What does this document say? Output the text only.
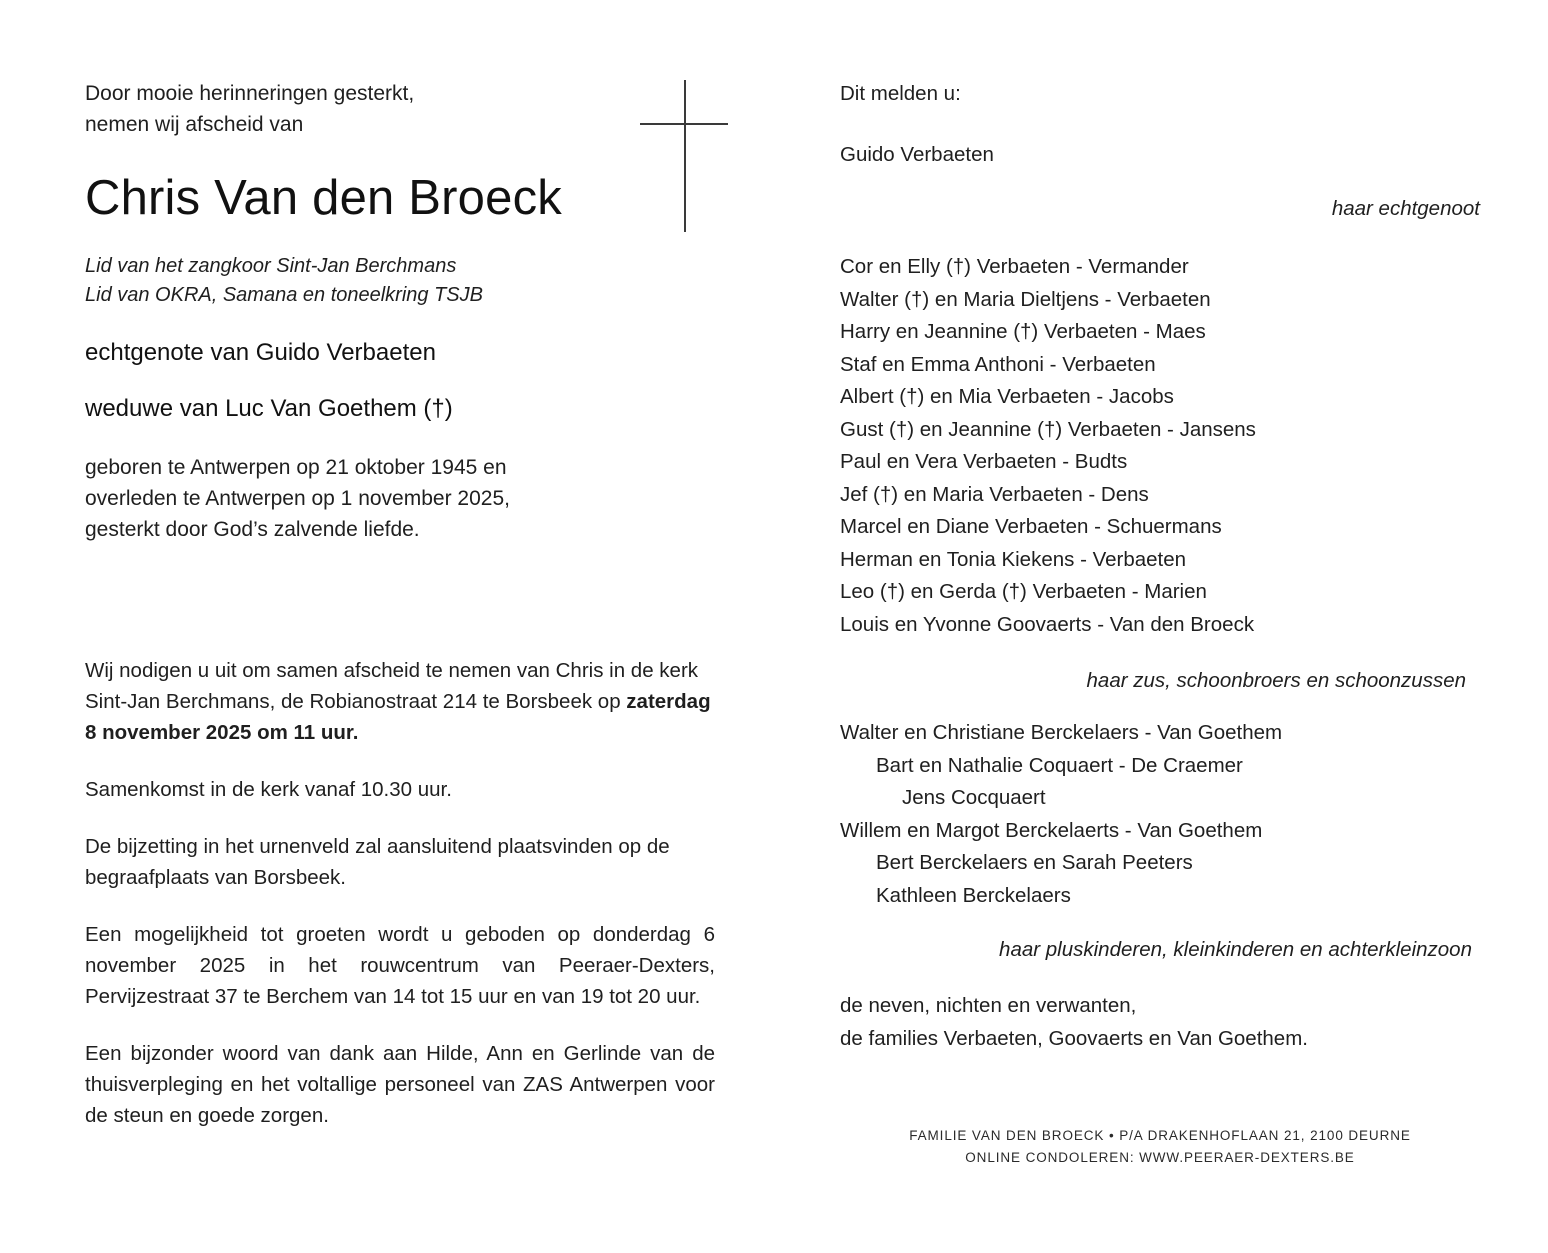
Door mooie herinneringen gesterkt,
nemen wij afscheid van
Chris Van den Broeck
Lid van het zangkoor Sint-Jan Berchmans
Lid van OKRA, Samana en toneelkring TSJB
echtgenote van Guido Verbaeten
weduwe van Luc Van Goethem (†)
geboren te Antwerpen op 21 oktober 1945 en
overleden te Antwerpen op 1 november 2025,
gesterkt door God’s zalvende liefde.

Wij nodigen u uit om samen afscheid te nemen van Chris in de kerk Sint-Jan Berchmans, de Robianostraat 214 te Borsbeek op zaterdag 8 november 2025 om 11 uur.

Samenkomst in de kerk vanaf 10.30 uur.

De bijzetting in het urnenveld zal aansluitend plaatsvinden op de begraafplaats van Borsbeek.

Een mogelijkheid tot groeten wordt u geboden op donderdag 6 november 2025 in het rouwcentrum van Peeraer-Dexters, Pervijzestraat 37 te Berchem van 14 tot 15 uur en van 19 tot 20 uur.

Een bijzonder woord van dank aan Hilde, Ann en Gerlinde van de thuisverpleging en het voltallige personeel van ZAS Antwerpen voor de steun en goede zorgen.

Dit melden u:
Guido Verbaeten
haar echtgenoot
Cor en Elly (†) Verbaeten - Vermander
Walter (†) en Maria Dieltjens - Verbaeten
Harry en Jeannine (†) Verbaeten - Maes
Staf en Emma Anthoni - Verbaeten
Albert (†) en Mia Verbaeten - Jacobs
Gust (†) en Jeannine (†) Verbaeten - Jansens
Paul en Vera Verbaeten - Budts
Jef (†) en Maria Verbaeten - Dens
Marcel en Diane Verbaeten - Schuermans
Herman en Tonia Kiekens - Verbaeten
Leo (†) en Gerda (†) Verbaeten - Marien
Louis en Yvonne Goovaerts - Van den Broeck
haar zus, schoonbroers en schoonzussen
Walter en Christiane Berckelaers - Van Goethem
Bart en Nathalie Coquaert - De Craemer
Jens Cocquaert
Willem en Margot Berckelaerts - Van Goethem
Bert Berckelaers en Sarah Peeters
Kathleen Berckelaers
haar pluskinderen, kleinkinderen en achterkleinzoon
de neven, nichten en verwanten,
de families Verbaeten, Goovaerts en Van Goethem.
FAMILIE VAN DEN BROECK • P/A DRAKENHOFLAAN 21, 2100 DEURNE
ONLINE CONDOLEREN: WWW.PEERAER-DEXTERS.BE
